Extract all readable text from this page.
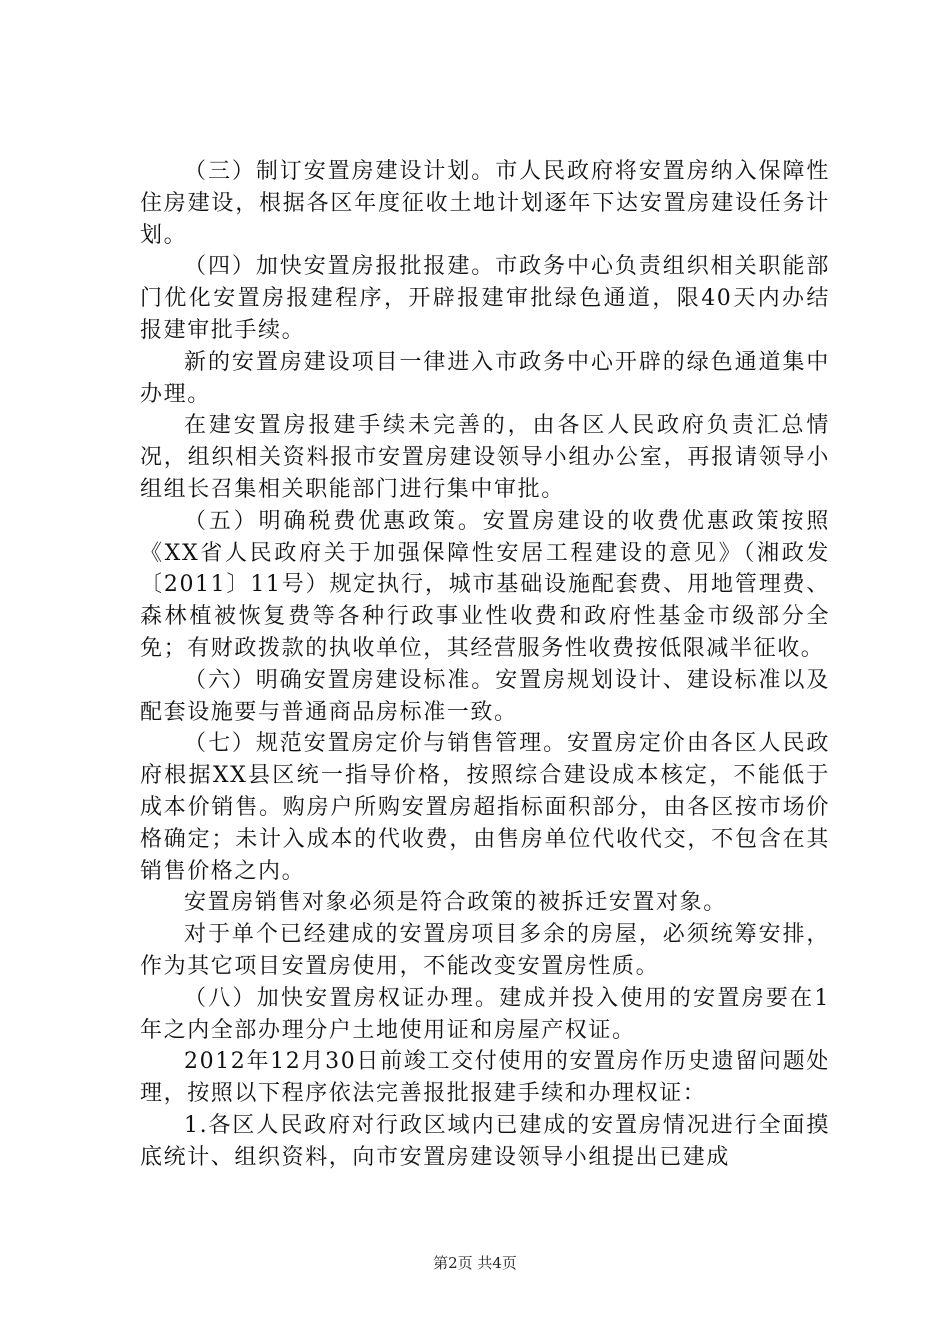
（三）制订安置房建设计划。市人民政府将安置房纳入保障性住房建设，根据各区年度征收土地计划逐年下达安置房建设任务计划。

（四）加快安置房报批报建。市政务中心负责组织相关职能部门优化安置房报建程序，开辟报建审批绿色通道，限40天内办结报建审批手续。

新的安置房建设项目一律进入市政务中心开辟的绿色通道集中办理。

在建安置房报建手续未完善的，由各区人民政府负责汇总情况，组织相关资料报市安置房建设领导小组办公室，再报请领导小组组长召集相关职能部门进行集中审批。

（五）明确税费优惠政策。安置房建设的收费优惠政策按照《XX省人民政府关于加强保障性安居工程建设的意见》（湘政发〔2011〕11号）规定执行，城市基础设施配套费、用地管理费、森林植被恢复费等各种行政事业性收费和政府性基金市级部分全免；有财政拨款的执收单位，其经营服务性收费按低限减半征收。

（六）明确安置房建设标准。安置房规划设计、建设标准以及配套设施要与普通商品房标准一致。

（七）规范安置房定价与销售管理。安置房定价由各区人民政府根据XX县区统一指导价格，按照综合建设成本核定，不能低于成本价销售。购房户所购安置房超指标面积部分，由各区按市场价格确定；未计入成本的代收费，由售房单位代收代交，不包含在其销售价格之内。

安置房销售对象必须是符合政策的被拆迁安置对象。

对于单个已经建成的安置房项目多余的房屋，必须统筹安排，作为其它项目安置房使用，不能改变安置房性质。

（八）加快安置房权证办理。建成并投入使用的安置房要在1年之内全部办理分户土地使用证和房屋产权证。

2012年12月30日前竣工交付使用的安置房作历史遗留问题处理，按照以下程序依法完善报批报建手续和办理权证：

1.各区人民政府对行政区域内已建成的安置房情况进行全面摸底统计、组织资料，向市安置房建设领导小组提出已建成

第2页 共4页
